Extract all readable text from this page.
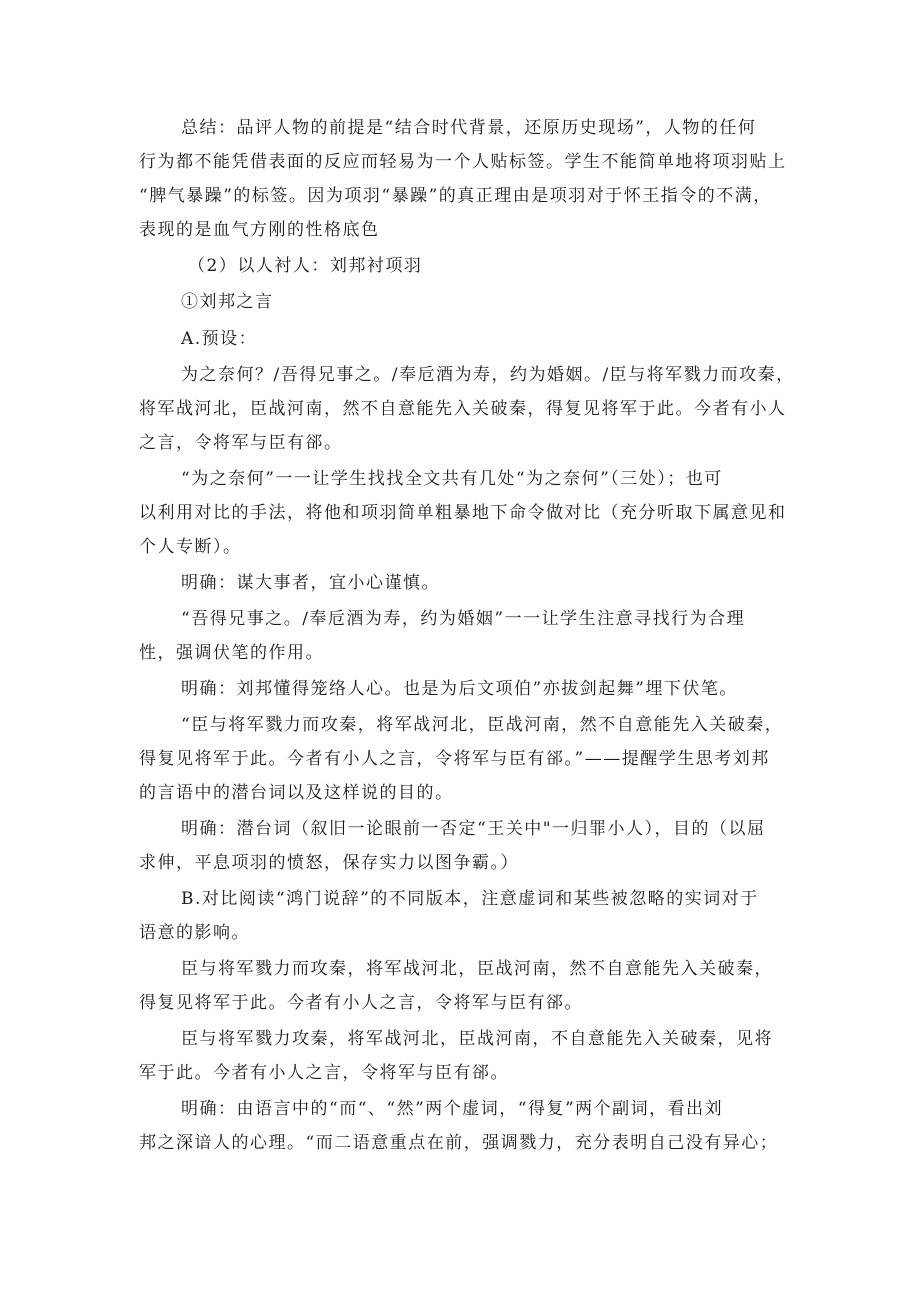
总结：品评人物的前提是“结合时代背景，还原历史现场”，人物的任何
行为都不能凭借表面的反应而轻易为一个人贴标签。学生不能简单地将项羽贴上
“脾气暴躁”的标签。因为项羽“暴躁”的真正理由是项羽对于怀王指令的不满，
表现的是血气方刚的性格底色
（2）以人衬人：刘邦衬项羽
①刘邦之言
A.预设：
为之奈何？/吾得兄事之。/奉卮酒为寿，约为婚姻。/臣与将军戮力而攻秦，
将军战河北，臣战河南，然不自意能先入关破秦，得复见将军于此。今者有小人
之言，令将军与臣有郤。
“为之奈何”一一让学生找找全文共有几处“为之奈何”（三处）；也可
以利用对比的手法，将他和项羽简单粗暴地下命令做对比（充分听取下属意见和
个人专断）。
明确：谋大事者，宜小心谨慎。
“吾得兄事之。/奉卮酒为寿，约为婚姻”一一让学生注意寻找行为合理
性，强调伏笔的作用。
明确：刘邦懂得笼络人心。也是为后文项伯”亦拔剑起舞”埋下伏笔。
“臣与将军戮力而攻秦，将军战河北，臣战河南，然不自意能先入关破秦，
得复见将军于此。今者有小人之言，令将军与臣有郤。”——提醒学生思考刘邦
的言语中的潜台词以及这样说的目的。
明确：潜台词（叙旧一论眼前一否定“王关中"一归罪小人），目的（以屈
求伸，平息项羽的愤怒，保存实力以图争霸。）
B.对比阅读“鸿门说辞”的不同版本，注意虚词和某些被忽略的实词对于
语意的影响。
臣与将军戮力而攻秦，将军战河北，臣战河南，然不自意能先入关破秦，
得复见将军于此。今者有小人之言，令将军与臣有郤。
臣与将军戮力攻秦，将军战河北，臣战河南，不自意能先入关破秦，见将
军于此。今者有小人之言，令将军与臣有郤。
明确：由语言中的“而“、“然”两个虚词，“得复”两个副词，看出刘
邦之深谙人的心理。“而二语意重点在前，强调戮力，充分表明自己没有异心；
